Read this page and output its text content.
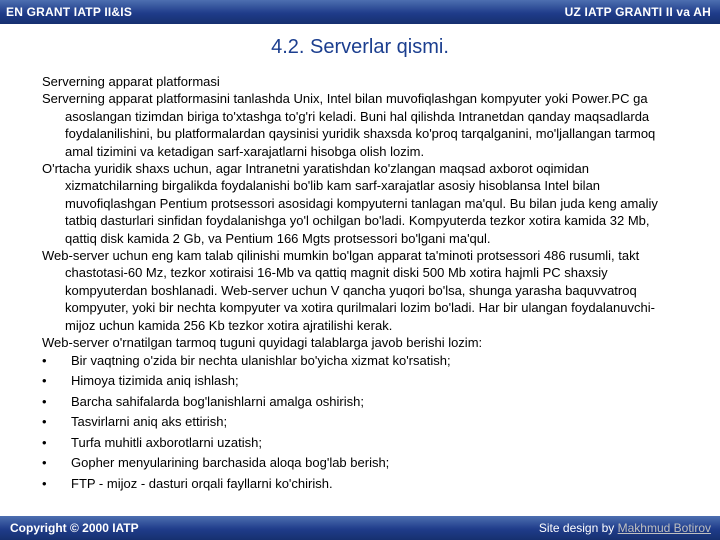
EN GRANT IATP II&IS	UZ IATP GRANTI II va AH
4.2. Serverlar qismi.

Serverning apparat platformasi

Serverning apparat platformasini tanlashda Unix, Intel bilan muvofiqlashgan kompyuter yoki Power.PC ga asoslangan tizimdan biriga to'xtashga to'g'ri keladi. Buni hal qilishda Intranetdan qanday maqsadlarda foydalanilishini, bu platformalardan qaysinisi yuridik shaxsda ko'proq tarqalganini, mo'ljallangan tarmoq amal tizimini va ketadigan sarf-xarajatlarni hisobga olish lozim.

O'rtacha yuridik shaxs uchun, agar Intranetni yaratishdan ko'zlangan maqsad axborot oqimidan xizmatchilarning birgalikda foydalanishi bo'lib kam sarf-xarajatlar asosiy hisoblansa Intel bilan muvofiqlashgan Pentium protsessori asosidagi kompyuterni tanlagan ma'qul. Bu bilan juda keng amaliy tatbiq dasturlari sinfidan foydalanishga yo'l ochilgan bo'ladi. Kompyuterda tezkor xotira kamida 32 Mb, qattiq disk kamida 2 Gb, va Pentium 166 Mgts protsessori bo'lgani ma'qul.

Web-server uchun eng kam talab qilinishi mumkin bo'lgan apparat ta'minoti protsessori 486 rusumli, takt chastotasi-60 Mz, tezkor xotiraisi 16-Mb va qattiq magnit diski 500 Mb xotira hajmli PC shaxsiy kompyuterdan boshlanadi. Web-server uchun V qancha yuqori bo'lsa, shunga yarasha baquvvatroq kompyuter, yoki bir nechta kompyuter va xotira qurilmalari lozim bo'ladi. Har bir ulangan foydalanuvchi-mijoz uchun kamida 256 Kb tezkor xotira ajratilishi kerak.

Web-server o'rnatilgan tarmoq tuguni quyidagi talablarga javob berishi lozim:

• Bir vaqtning o'zida bir nechta ulanishlar bo'yicha xizmat ko'rsatish;
• Himoya tizimida aniq ishlash;
• Barcha sahifalarda bog'lanishlarni amalga oshirish;
• Tasvirlarni aniq aks ettirish;
• Turfa muhitli axborotlarni uzatish;
• Gopher menyularining barchasida aloqa bog'lab berish;
• FTP - mijoz - dasturi orqali fayllarni ko'chirish.
Copyright © 2000 IATP	Site design by Makhmud Botirov
